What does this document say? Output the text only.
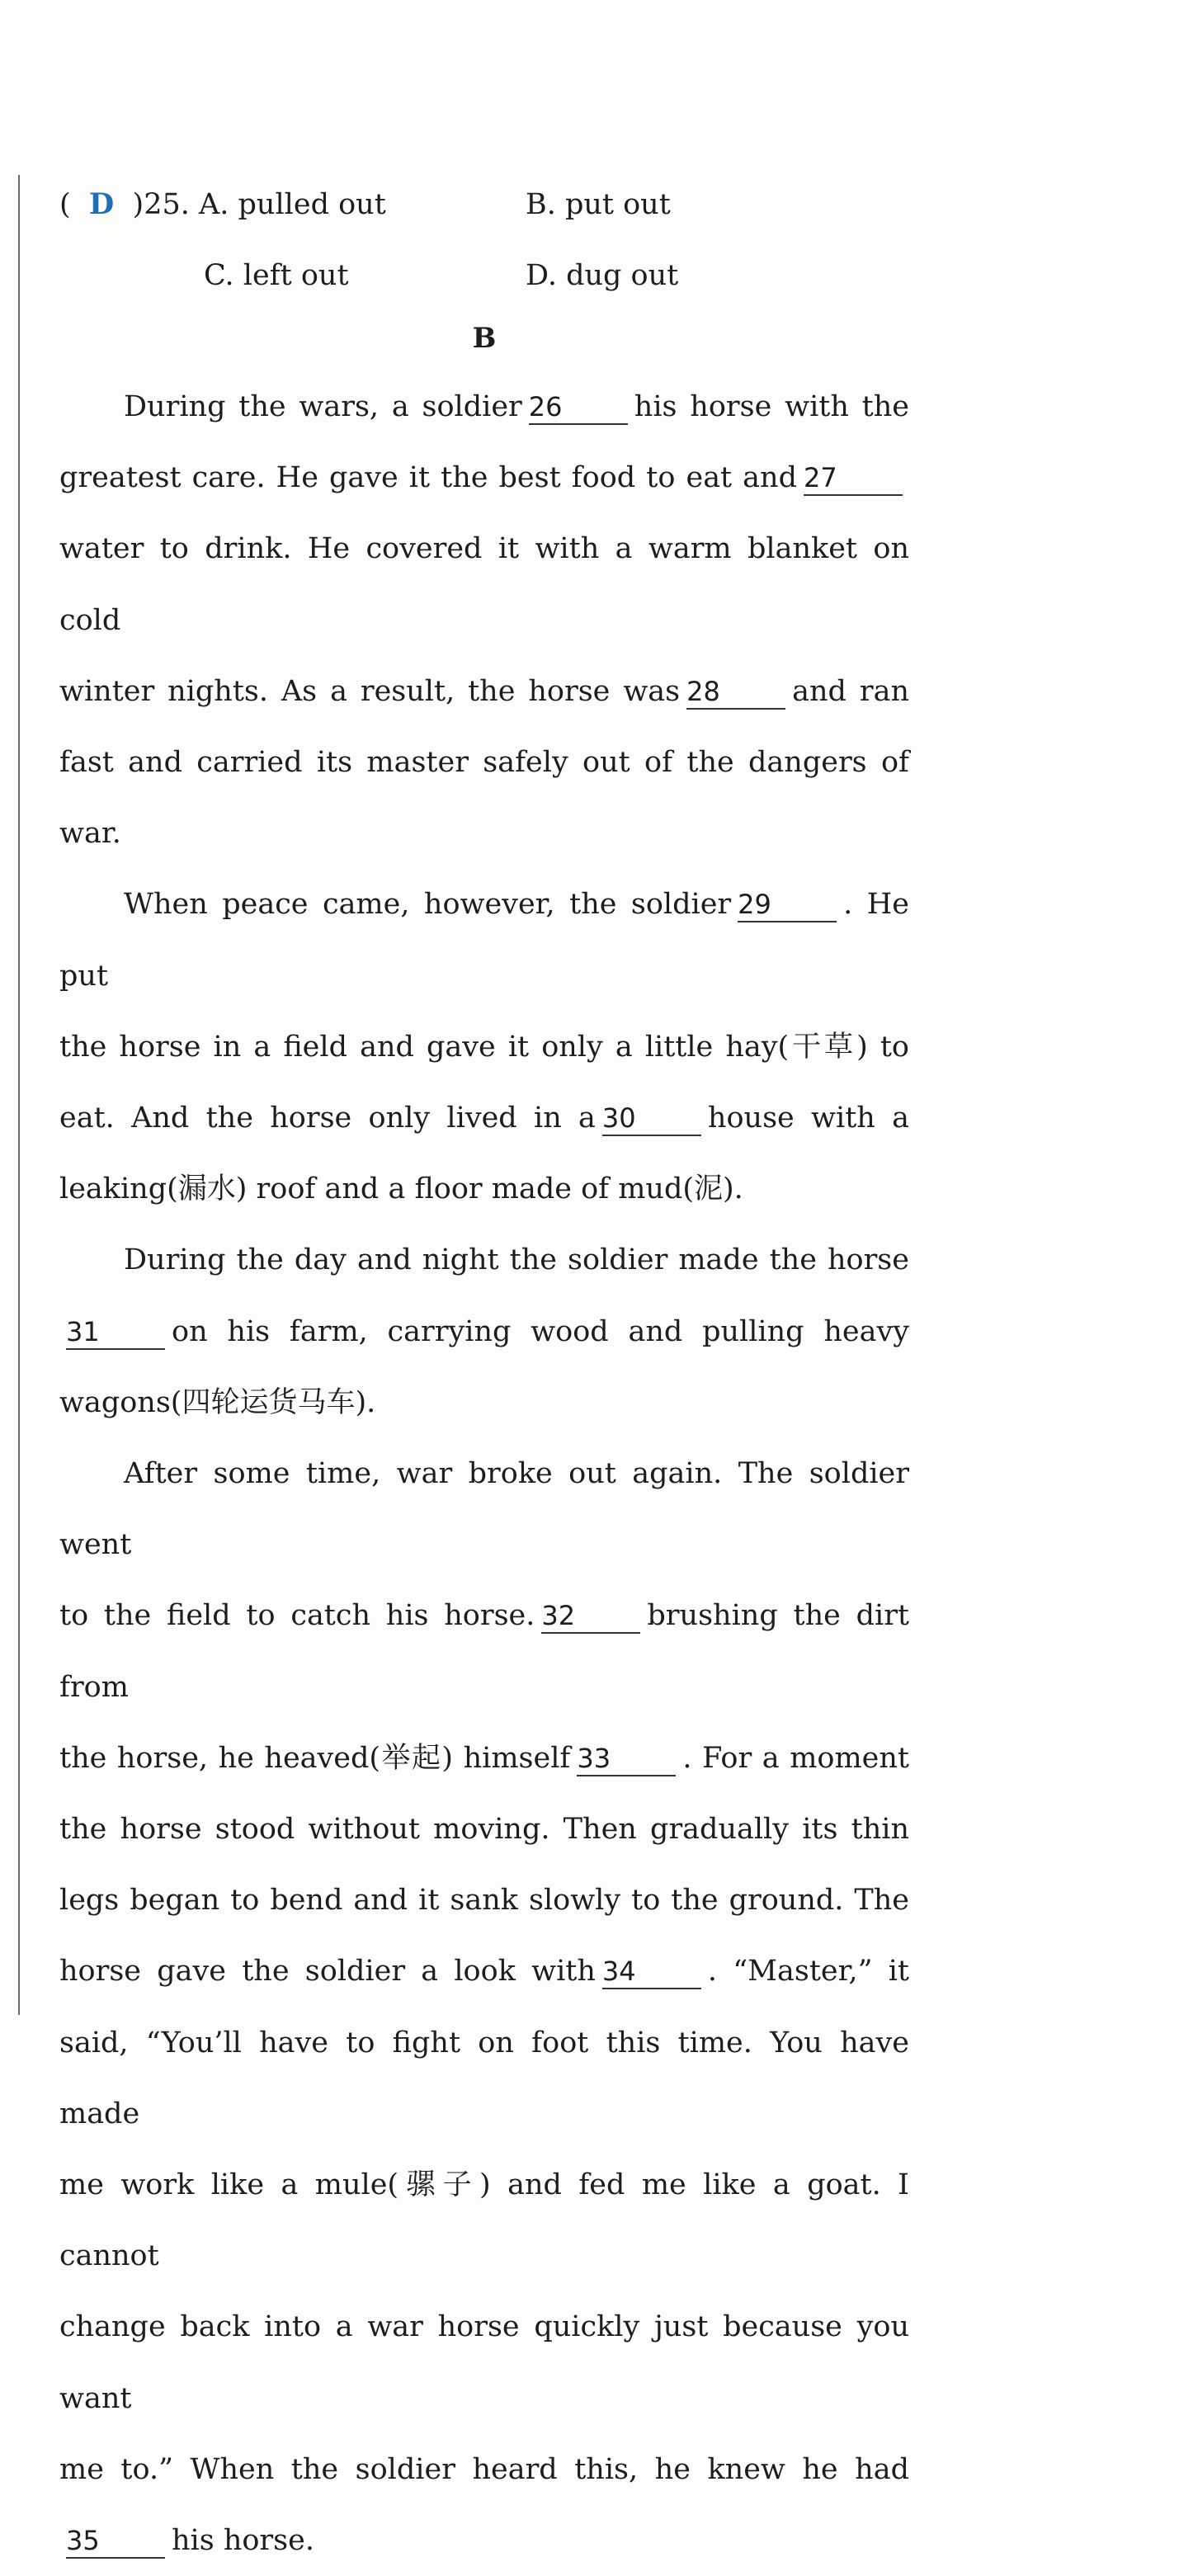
( D )25. A. pulled out	B. put out
C. left out	D. dug out
B

During the wars, a soldier 26 his horse with the

greatest care. He gave it the best food to eat and 27

water to drink. He covered it with a warm blanket on cold

winter nights. As a result, the horse was 28 and ran

fast and carried its master safely out of the dangers of war.

When peace came, however, the soldier 29 . He put

the horse in a field and gave it only a little hay(干草) to

eat. And the horse only lived in a 30 house with a

leaking(漏水) roof and a floor made of mud(泥).

During the day and night the soldier made the horse

31 on his farm, carrying wood and pulling heavy

wagons(四轮运货马车).

After some time, war broke out again. The soldier went

to the field to catch his horse. 32 brushing the dirt from

the horse, he heaved(举起) himself 33 . For a moment

the horse stood without moving. Then gradually its thin

legs began to bend and it sank slowly to the ground. The

horse gave the soldier a look with 34 . “Master,” it

said, “You’ll have to fight on foot this time. You have made

me work like a mule(骡子) and fed me like a goat. I cannot

change back into a war horse quickly just because you want

me to.” When the soldier heard this, he knew he had

35 his horse.
